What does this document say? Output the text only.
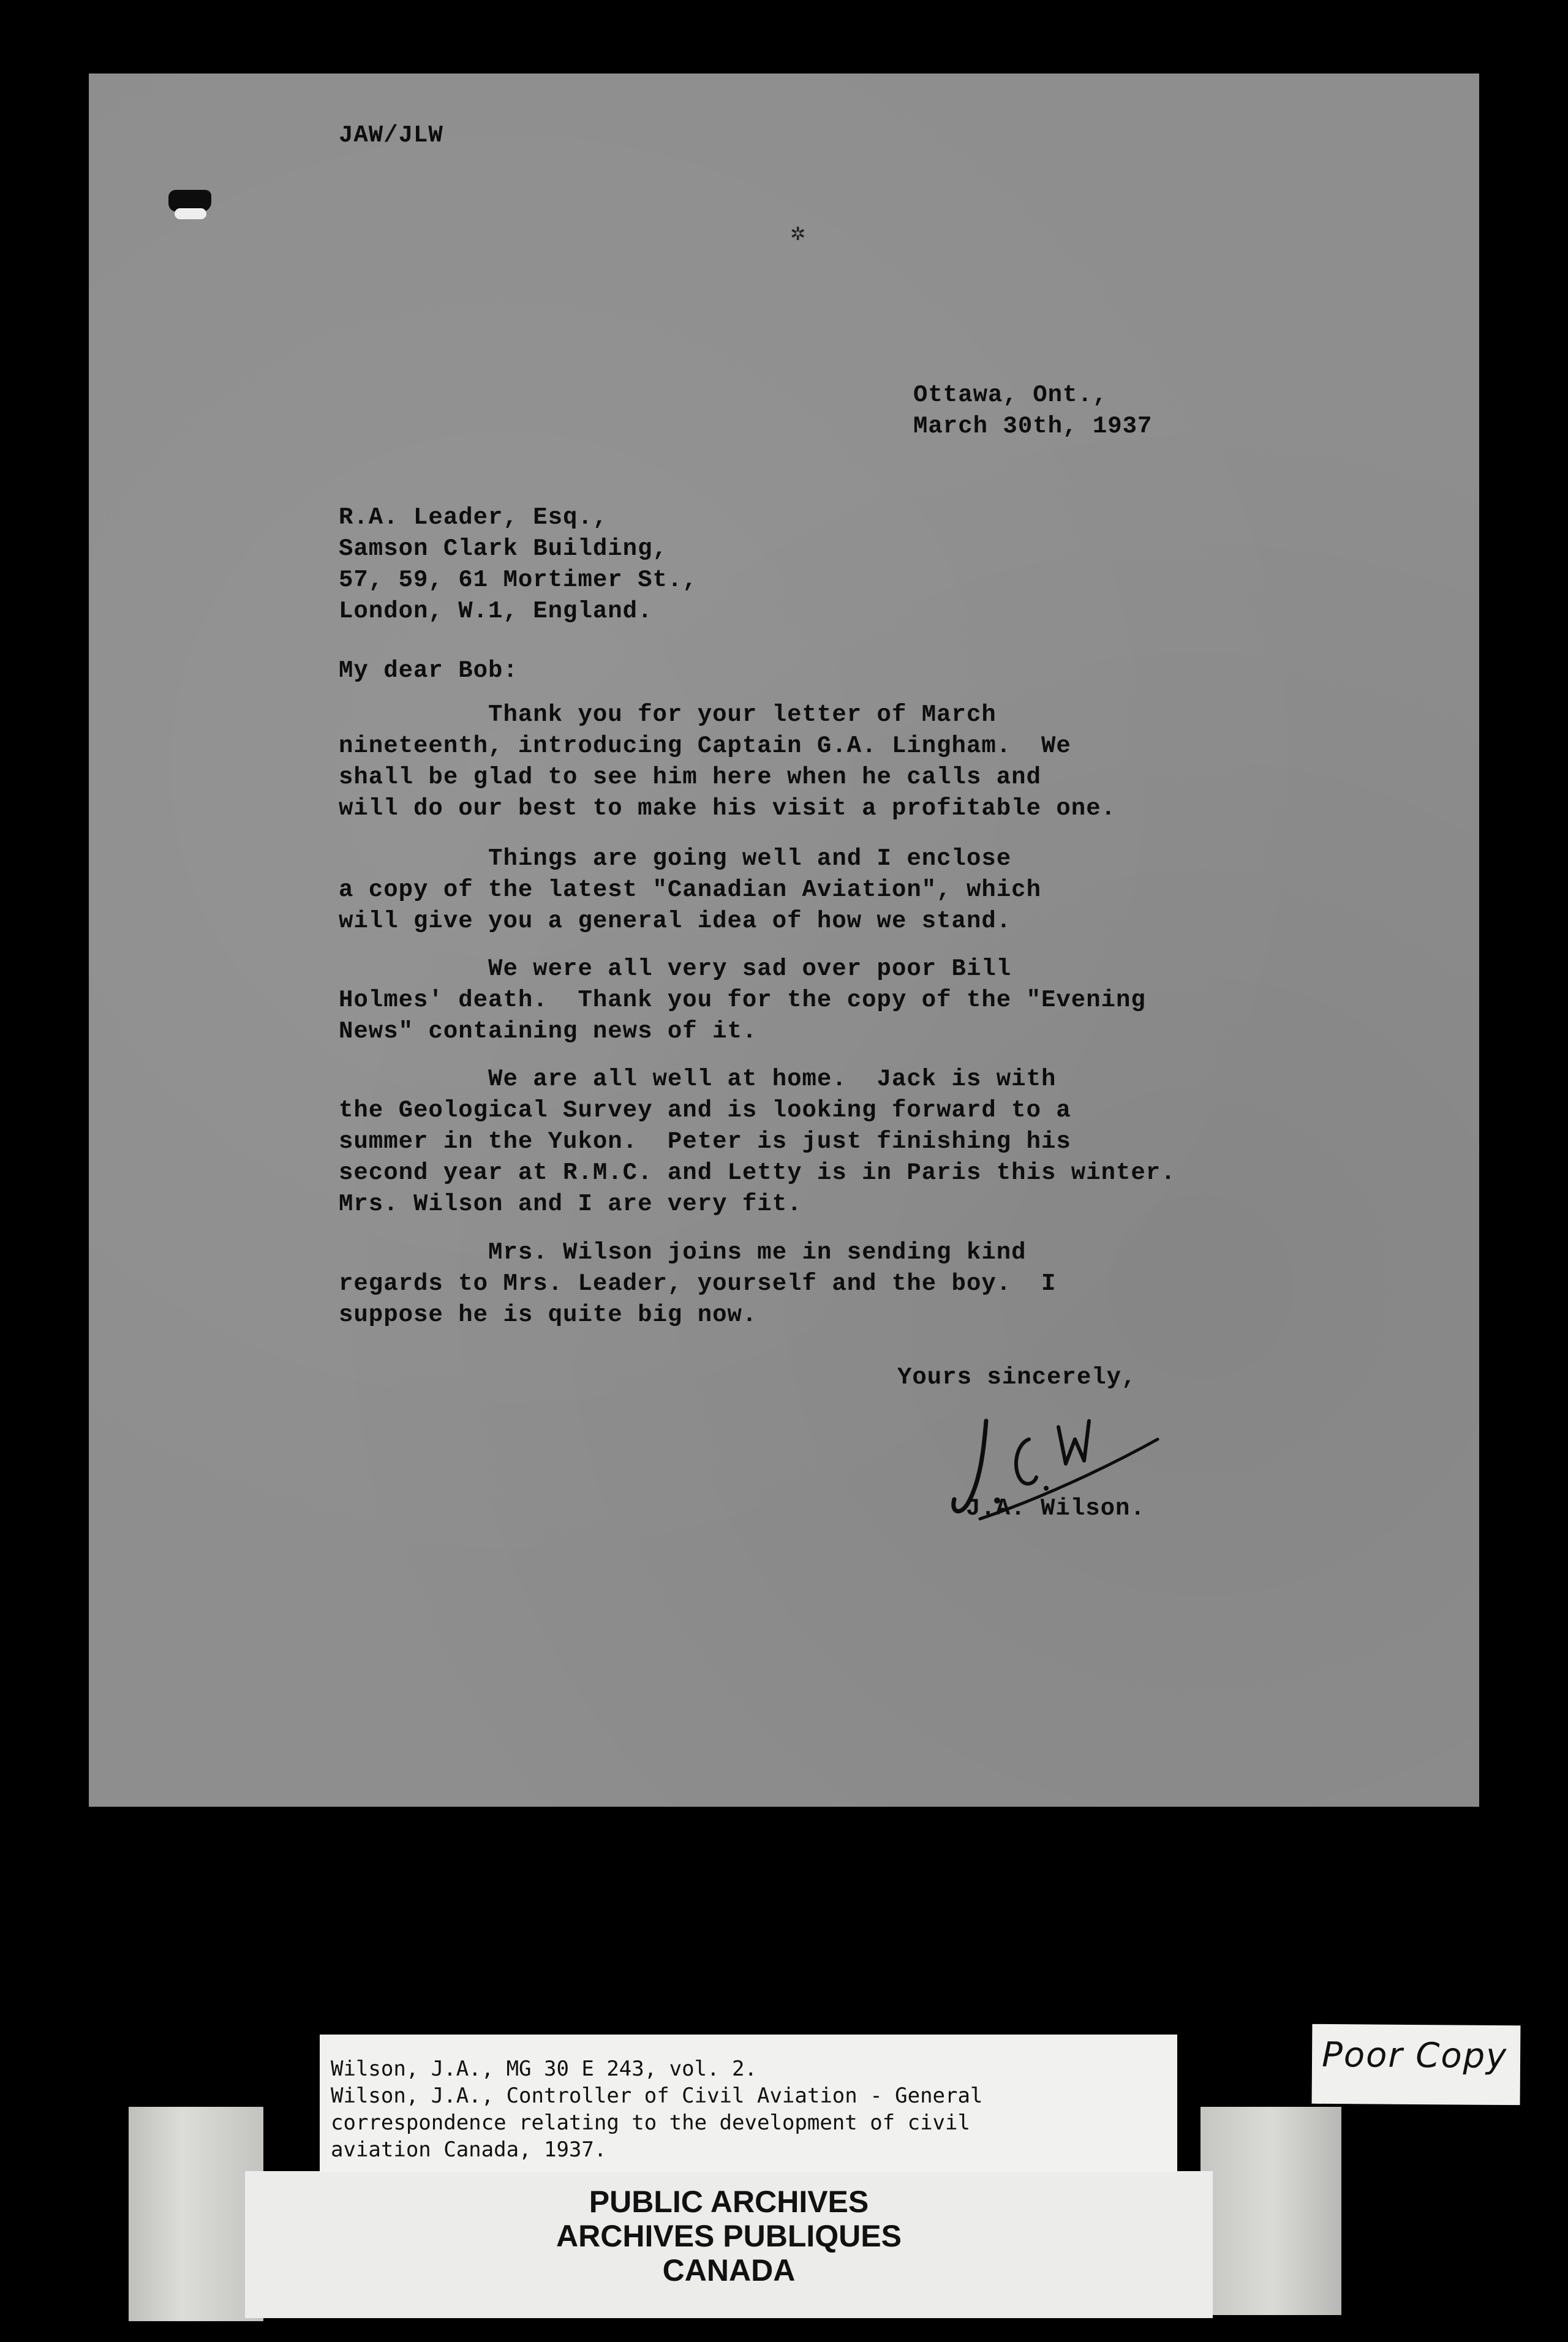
JAW/JLW
✲
Ottawa, Ont.,
March 30th, 1937
R.A. Leader, Esq.,
Samson Clark Building,
57, 59, 61 Mortimer St.,
London, W.1, England.
My dear Bob:
Thank you for your letter of March
nineteenth, introducing Captain G.A. Lingham.  We
shall be glad to see him here when he calls and
will do our best to make his visit a profitable one.
Things are going well and I enclose
a copy of the latest "Canadian Aviation", which
will give you a general idea of how we stand.
We were all very sad over poor Bill
Holmes' death.  Thank you for the copy of the "Evening
News" containing news of it.
We are all well at home.  Jack is with
the Geological Survey and is looking forward to a
summer in the Yukon.  Peter is just finishing his
second year at R.M.C. and Letty is in Paris this winter.
Mrs. Wilson and I are very fit.
Mrs. Wilson joins me in sending kind
regards to Mrs. Leader, yourself and the boy.  I
suppose he is quite big now.
Yours sincerely,
J.A. Wilson.
PUBLIC ARCHIVES
ARCHIVES PUBLIQUES
CANADA
Wilson, J.A., MG 30 E 243, vol. 2.
Wilson, J.A., Controller of Civil Aviation - General
correspondence relating to the development of civil
aviation Canada, 1937.
Poor Copy
